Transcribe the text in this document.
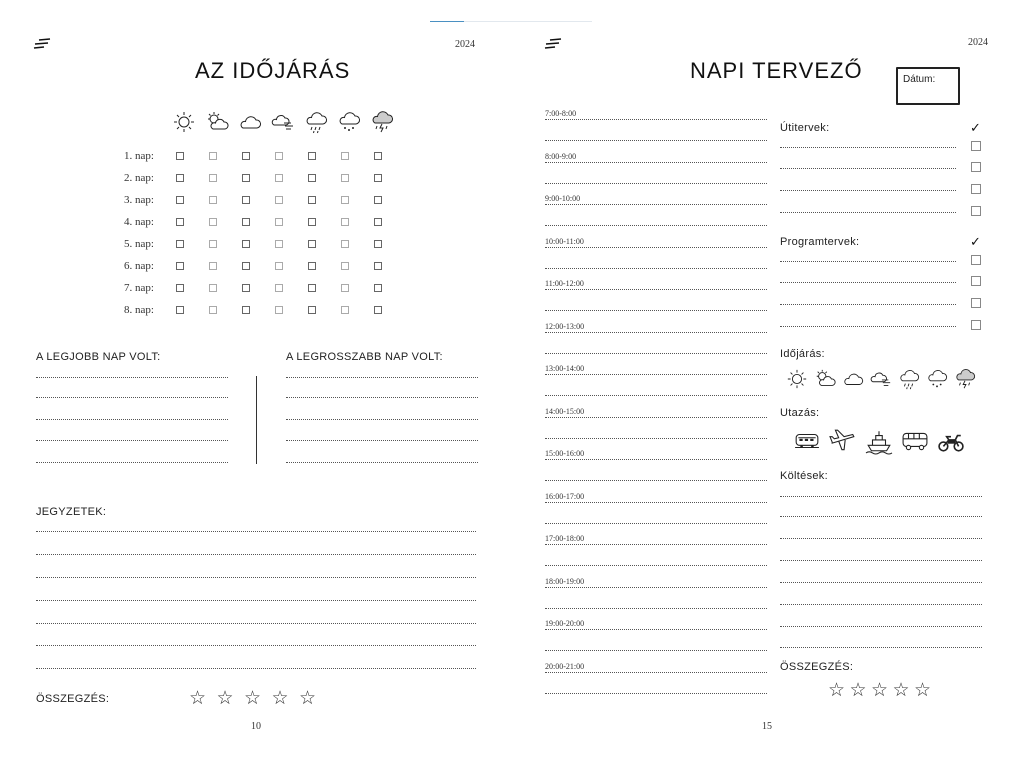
2024
AZ IDŐJÁRÁS
1. nap:
2. nap:
3. nap:
4. nap:
5. nap:
6. nap:
7. nap:
8. nap:
A LEGJOBB NAP VOLT:	A LEGROSSZABB NAP VOLT:
JEGYZETEK:
ÖSSZEGZÉS:	☆ ☆ ☆ ☆ ☆
10
2024
NAPI TERVEZŐ	Dátum:
7:00-8:00
8:00-9:00
9:00-10:00
10:00-11:00
11:00-12:00
12:00-13:00
13:00-14:00
14:00-15:00
15:00-16:00
16:00-17:00
17:00-18:00
18:00-19:00
19:00-20:00
20:00-21:00
Útitervek:	✓
Programtervek:	✓
Időjárás:
Utazás:
Költések:
ÖSSZEGZÉS:
☆ ☆ ☆ ☆ ☆
15
